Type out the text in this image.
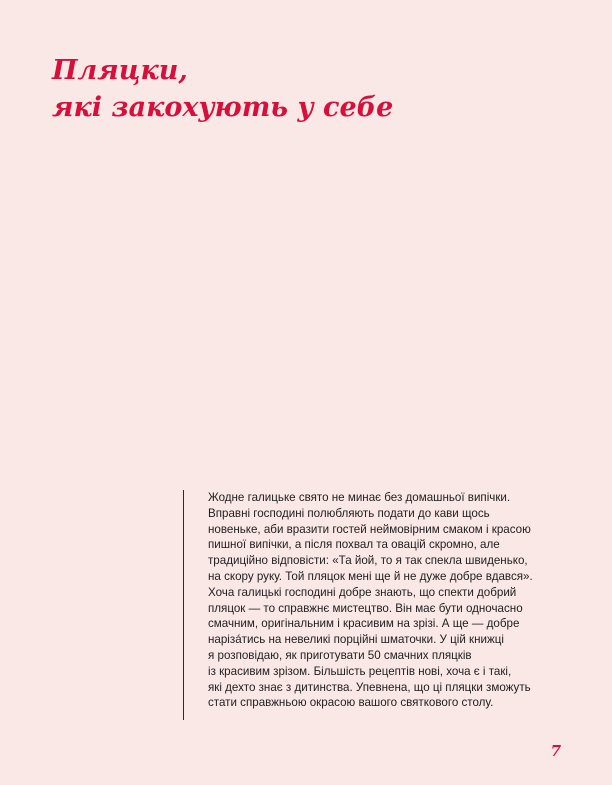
Пляцки,
які закохують у себе

Жодне галицьке свято не минає без домашньої випічки.
Вправні господині полюбляють подати до кави щось
новеньке, аби вразити гостей неймовірним смаком і красою
пишної випічки, а після похвал та овацій скромно, але
традиційно відповісти: «Та йой, то я так спекла швиденько,
на скору руку. Той пляцок мені ще й не дуже добре вдався».
Хоча галицькі господині добре знають, що спекти добрий
пляцок — то справжнє мистецтво. Він має бути одночасно
смачним, оригінальним і красивим на зрізі. А ще — добре
нарізáтись на невеликі порційні шматочки. У цій книжці
я розповідаю, як приготувати 50 смачних пляцків
із красивим зрізом. Більшість рецептів нові, хоча є і такі,
які дехто знає з дитинства. Упевнена, що ці пляцки зможуть
стати справжньою окрасою вашого святкового столу.

7
